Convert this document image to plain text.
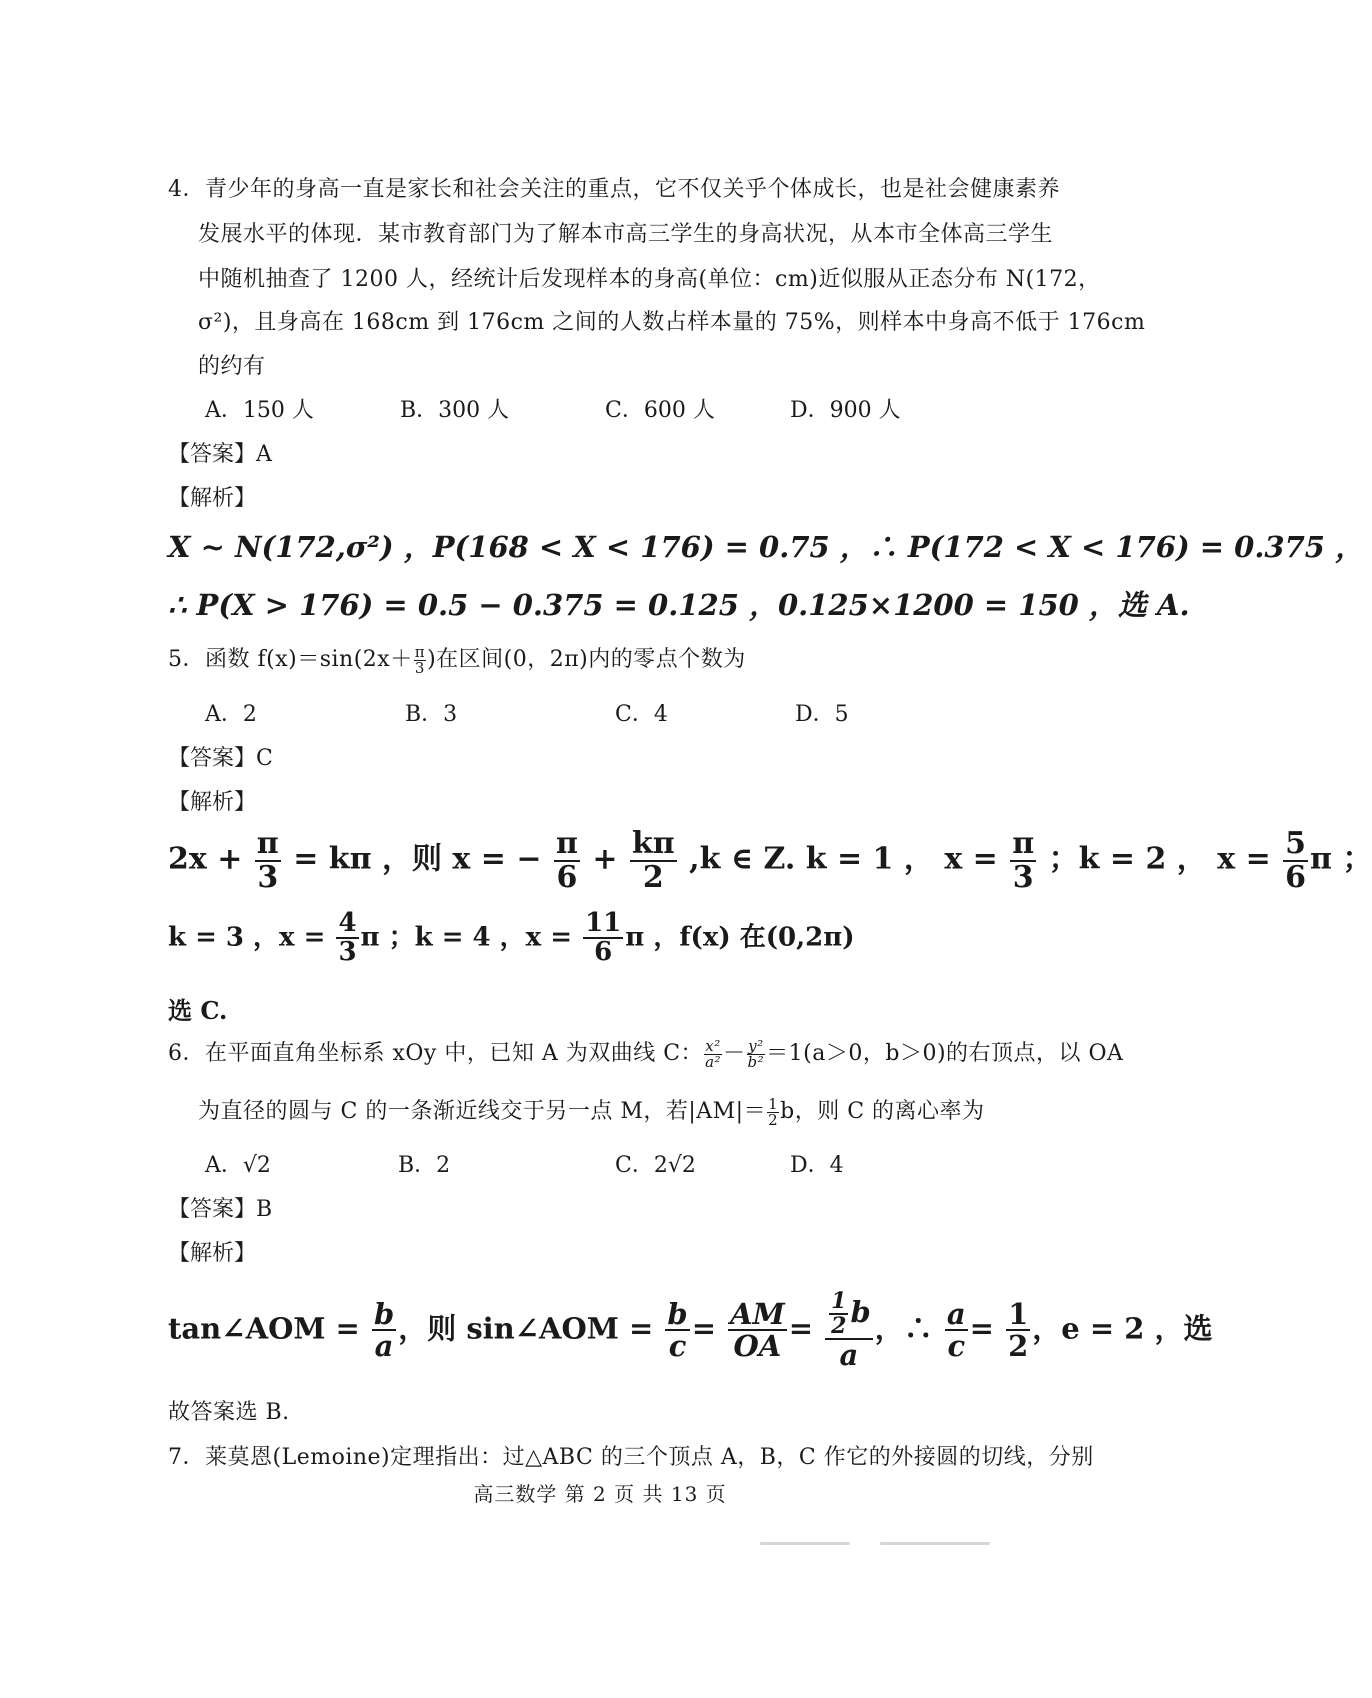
4．青少年的身高一直是家长和社会关注的重点，它不仅关乎个体成长，也是社会健康素养
发展水平的体现．某市教育部门为了解本市高三学生的身高状况，从本市全体高三学生
中随机抽查了 1200 人，经统计后发现样本的身高(单位：cm)近似服从正态分布 N(172，
σ²)，且身高在 168cm 到 176cm 之间的人数占样本量的 75%，则样本中身高不低于 176cm
的约有
A．150 人	B．300 人	C．600 人	D．900 人
【答案】A
【解析】
X ~ N(172,σ²) ，P(168 < X < 176) = 0.75 ，∴ P(172 < X < 176) = 0.375 ，
∴ P(X > 176) = 0.5 − 0.375 = 0.125 ，0.125×1200 = 150 ，选 A.
5．函数 $f(x)=\sin(2x+ \frac{\pi}{3}$ )在区间(0，2π)内的零点个数为
A．2	B．3	C．4	D．5
【答案】C
【解析】
$2x + \frac{\pi}{3} = k\pi$ ，则 x = − $\frac{\pi}{6} + \frac{k\pi}{2} ,k$ ∈ Z. k = 1 ， $x = \frac{\pi}{3}$ ；k = 2 ， $x = \frac{5}{6}$ π ；
k = 3 ，$x = \frac{4}{3}$ π ；k = 4 ，$x = \frac{11}{6}$ π ，f(x) 在(0,2π)
选 C.
6．在平面直角坐标系 xOy 中，已知 A 为双曲线 C： $\frac{\text{x²}}{\text{a²}} - \frac{\text{y²}}{\text{b²}} =1(a>0$，b＞0)的右顶点，以 OA
为直径的圆与 C 的一条渐近线交于另一点 M，若$|AM|= \frac{1}{2}$ b，则 C 的离心率为
A．√2	B．2	C．2√2	D．4
【答案】B
【解析】
tan∠AOM = $\frac{b}{a}$ ，则 sin∠AOM = $\frac{b}{c} = \frac{AM}{OA} = \frac{\frac{1}{2} b}{a}$ ，∴ $\frac{a}{c} = \frac{1}{2}$ ，e = 2 ，选
故答案选 B.
7．莱莫恩(Lemoine)定理指出：过△ABC 的三个顶点 A，B，C 作它的外接圆的切线，分别
高三数学 第 2 页 共 13 页
